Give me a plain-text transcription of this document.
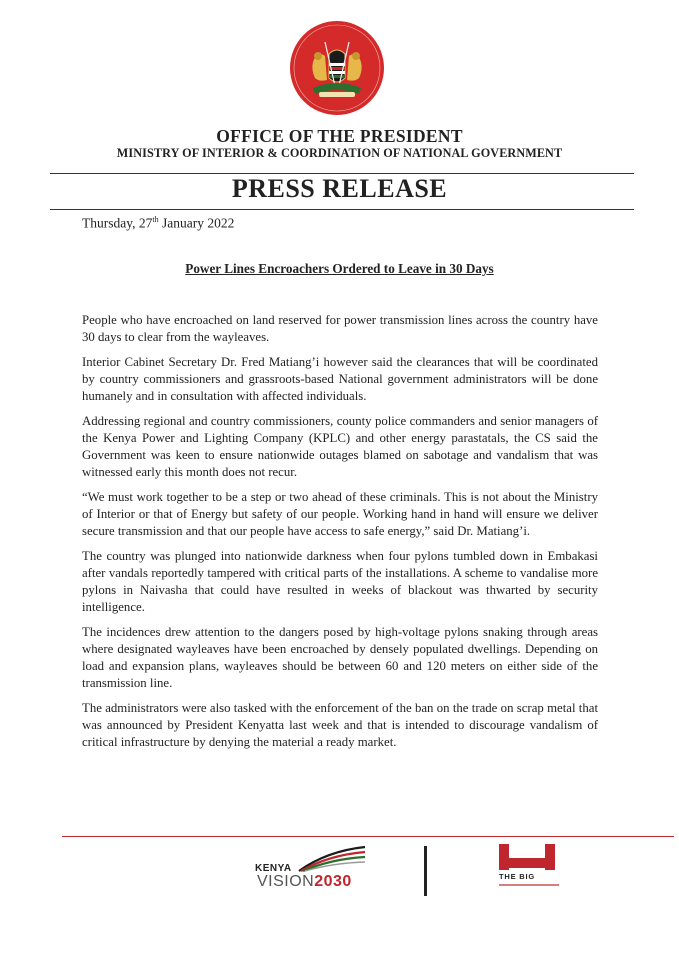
OFFICE OF THE PRESIDENT
MINISTRY OF INTERIOR & COORDINATION OF NATIONAL GOVERNMENT
PRESS RELEASE
Thursday, 27th January 2022
Power Lines Encroachers Ordered to Leave in 30 Days

People who have encroached on land reserved for power transmission lines across the country have 30 days to clear from the wayleaves.

Interior Cabinet Secretary Dr. Fred Matiang’i however said the clearances that will be coordinated by country commissioners and grassroots-based National government administrators will be done humanely and in consultation with affected individuals.

Addressing regional and country commissioners, county police commanders and senior managers of the Kenya Power and Lighting Company (KPLC) and other energy parastatals, the CS said the Government was keen to ensure nationwide outages blamed on sabotage and vandalism that was witnessed early this month does not recur.

“We must work together to be a step or two ahead of these criminals. This is not about the Ministry of Interior or that of Energy but safety of our people. Working hand in hand will ensure we deliver secure transmission and that our people have access to safe energy,” said Dr. Matiang’i.

The country was plunged into nationwide darkness when four pylons tumbled down in Embakasi after vandals reportedly tampered with critical parts of the installations. A scheme to vandalise more pylons in Naivasha that could have resulted in weeks of blackout was thwarted by security intelligence.

The incidences drew attention to the dangers posed by high-voltage pylons snaking through areas where designated wayleaves have been encroached by densely populated dwellings. Depending on load and expansion plans, wayleaves should be between 60 and 120 meters on either side of the transmission line.

The administrators were also tasked with the enforcement of the ban on the trade on scrap metal that was announced by President Kenyatta last week and that is intended to discourage vandalism of critical infrastructure by denying the material a ready market.

KENYA
VISION2030	THE BIG
